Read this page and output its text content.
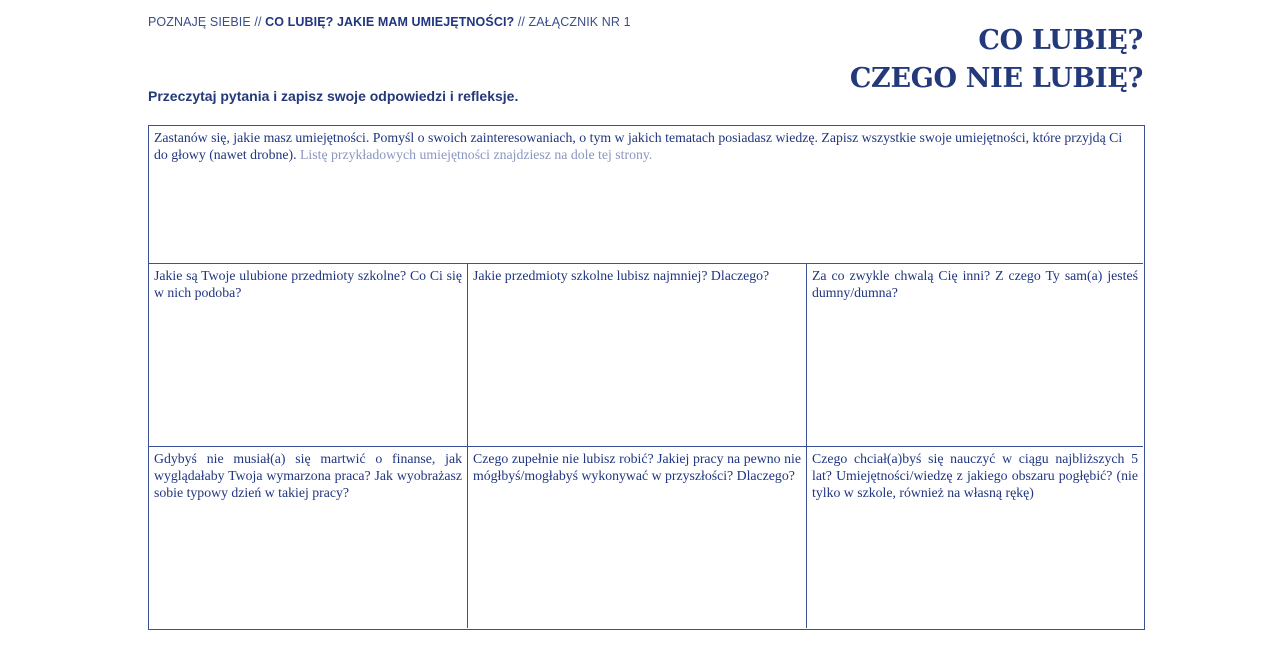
POZNAJĘ SIEBIE // CO LUBIĘ? JAKIE MAM UMIEJĘTNOŚCI? // ZAŁĄCZNIK NR 1
CO LUBIĘ?
CZEGO NIE LUBIĘ?
Przeczytaj pytania i zapisz swoje odpowiedzi i refleksje.
Zastanów się, jakie masz umiejętności. Pomyśl o swoich zainteresowaniach, o tym w jakich tematach posiadasz wiedzę. Zapisz wszystkie swoje umiejętności, które przyjdą Ci do głowy (nawet drobne). Listę przykładowych umiejętności znajdziesz na dole tej strony.
Jakie są Twoje ulubione przedmioty szkolne? Co Ci się w nich podoba?
Jakie przedmioty szkolne lubisz najmniej? Dlaczego?	Za co zwykle chwalą Cię inni? Z czego Ty sam(a) jesteś dumny/dumna?
Gdybyś nie musiał(a) się martwić o finanse, jak wyglądałaby Twoja wymarzona praca? Jak wyobrażasz sobie typowy dzień w takiej pracy?
Czego zupełnie nie lubisz robić? Jakiej pracy na pewno nie mógłbyś/mogłabyś wykonywać w przyszłości? Dlaczego?
Czego chciał(a)byś się nauczyć w ciągu najbliższych 5 lat? Umiejętności/wiedzę z jakiego obszaru pogłębić? (nie tylko w szkole, również na własną rękę)
